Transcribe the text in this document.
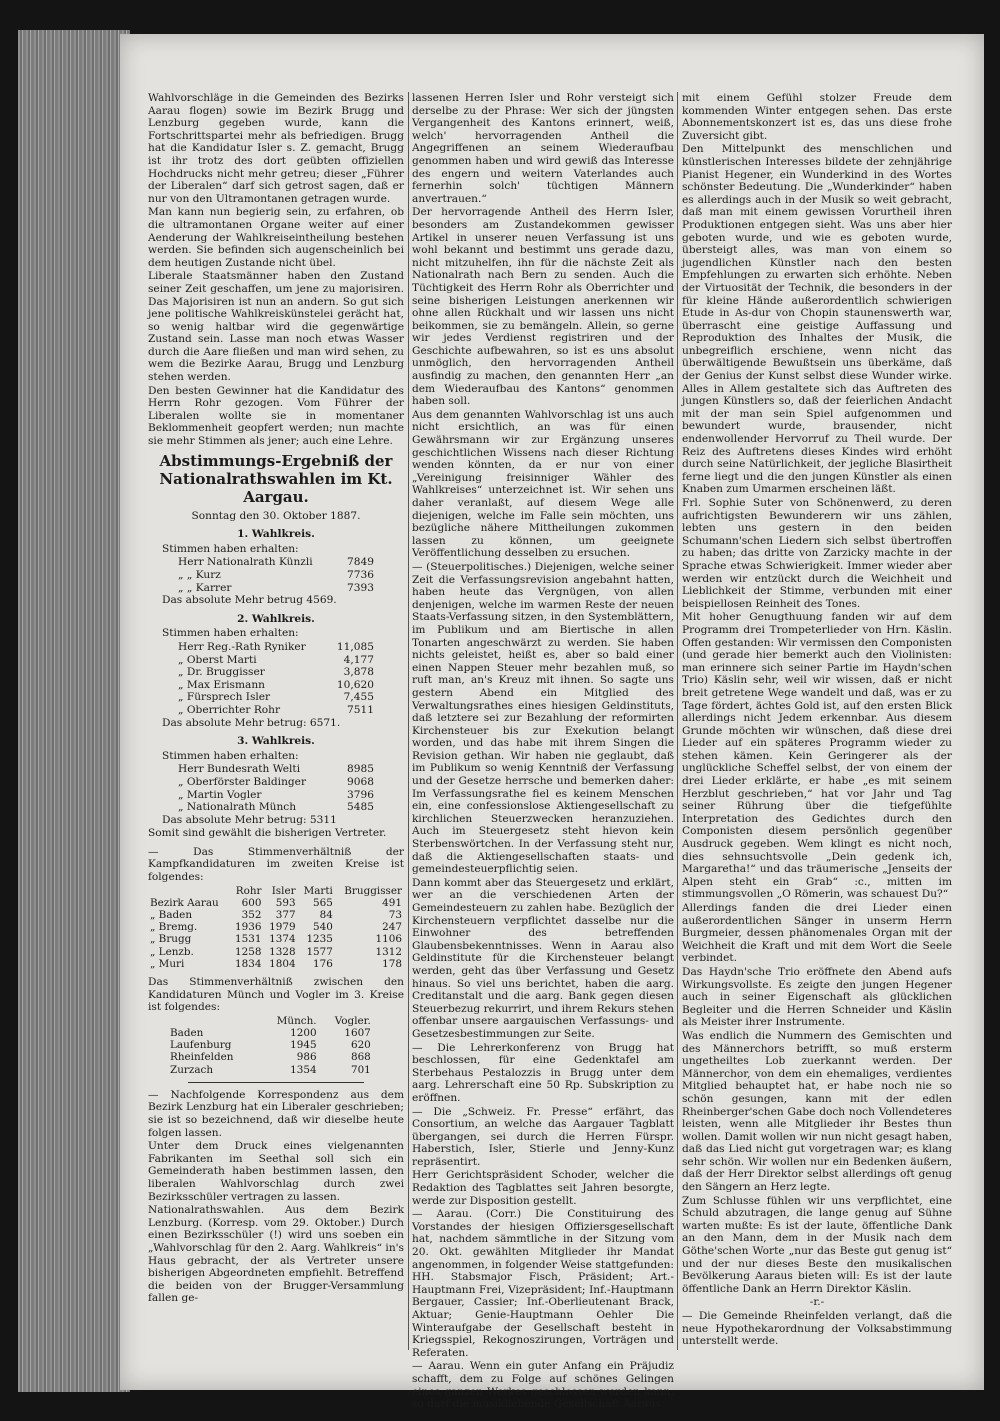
Wahlvorschläge in die Gemeinden des Bezirks Aarau flogen) sowie im Bezirk Brugg und Lenzburg gegeben wurde, kann die Fortschrittspartei mehr als befriedigen. Brugg hat die Kandidatur Isler s. Z. gemacht, Brugg ist ihr trotz des dort geübten offiziellen Hochdrucks nicht mehr getreu; dieser „Führer der Liberalen“ darf sich getrost sagen, daß er nur von den Ultramontanen getragen wurde.

Man kann nun begierig sein, zu erfahren, ob die ultramontanen Organe weiter auf einer Aenderung der Wahlkreiseintheilung bestehen werden. Sie befinden sich augenscheinlich bei dem heutigen Zustande nicht übel.

Liberale Staatsmänner haben den Zustand seiner Zeit geschaffen, um jene zu majorisiren. Das Majorisiren ist nun an andern. So gut sich jene politische Wahlkreiskünstelei gerächt hat, so wenig haltbar wird die gegenwärtige Zustand sein. Lasse man noch etwas Wasser durch die Aare fließen und man wird sehen, zu wem die Bezirke Aarau, Brugg und Lenzburg stehen werden.

Den besten Gewinner hat die Kandidatur des Herrn Rohr gezogen. Vom Führer der Liberalen wollte sie in momentaner Beklommenheit geopfert werden; nun machte sie mehr Stimmen als jener; auch eine Lehre.

Abstimmungs-Ergebniß der Nationalrathswahlen im Kt. Aargau.

Sonntag den 30. Oktober 1887.

1. Wahlkreis.

Stimmen haben erhalten:

Herr Nationalrath Künzli	7849
„ „ Kurz	7736
„ „ Karrer	7393

Das absolute Mehr betrug 4569.

2. Wahlkreis.

Stimmen haben erhalten:

Herr Reg.-Rath Ryniker	11,085
„ Oberst Marti	4,177
„ Dr. Bruggisser	3,878
„ Max Erismann	10,620
„ Fürsprech Isler	7,455
„ Oberrichter Rohr	7511

Das absolute Mehr betrug: 6571.

3. Wahlkreis.

Stimmen haben erhalten:

Herr Bundesrath Welti	8985
„ Oberförster Baldinger	9068
„ Martin Vogler	3796
„ Nationalrath Münch	5485

Das absolute Mehr betrug: 5311

Somit sind gewählt die bisherigen Vertreter.

— Das Stimmenverhältniß der Kampfkandidaturen im zweiten Kreise ist folgendes:

	Rohr	Isler	Marti	Bruggisser
Bezirk Aarau	600	593	565	491
„ Baden	352	377	84	73
„ Bremg.	1936	1979	540	247
„ Brugg	1531	1374	1235	1106
„ Lenzb.	1258	1328	1577	1312
„ Muri	1834	1804	176	178

Das Stimmenverhältniß zwischen den Kandidaturen Münch und Vogler im 3. Kreise ist folgendes:

	Münch.	Vogler.
Baden	1200	1607
Laufenburg	1945	620
Rheinfelden	986	868
Zurzach	1354	701

— Nachfolgende Korrespondenz aus dem Bezirk Lenzburg hat ein Liberaler geschrieben; sie ist so bezeichnend, daß wir dieselbe heute folgen lassen.

Unter dem Druck eines vielgenannten Fabrikanten im Seethal soll sich ein Gemeinderath haben bestimmen lassen, den liberalen Wahlvorschlag durch zwei Bezirksschüler vertragen zu lassen.

Nationalrathswahlen. Aus dem Bezirk Lenzburg. (Korresp. vom 29. Oktober.) Durch einen Bezirksschüler (!) wird uns soeben ein „Wahlvorschlag für den 2. Aarg. Wahlkreis“ in's Haus gebracht, der als Vertreter unsere bisherigen Abgeordneten empfiehlt. Betreffend die beiden von der Brugger-Versammlung fallen ge-

lassenen Herren Isler und Rohr versteigt sich derselbe zu der Phrase: Wer sich der jüngsten Vergangenheit des Kantons erinnert, weiß, welch' hervorragenden Antheil die Angegriffenen an seinem Wiederaufbau genommen haben und wird gewiß das Interesse des engern und weitern Vaterlandes auch fernerhin solch' tüchtigen Männern anvertrauen.“

Der hervorragende Antheil des Herrn Isler, besonders am Zustandekommen gewisser Artikel in unserer neuen Verfassung ist uns wohl bekannt und bestimmt uns gerade dazu, nicht mitzuhelfen, ihn für die nächste Zeit als Nationalrath nach Bern zu senden. Auch die Tüchtigkeit des Herrn Rohr als Oberrichter und seine bisherigen Leistungen anerkennen wir ohne allen Rückhalt und wir lassen uns nicht beikommen, sie zu bemängeln. Allein, so gerne wir jedes Verdienst registriren und der Geschichte aufbewahren, so ist es uns absolut unmöglich, den hervorragenden Antheil ausfindig zu machen, den genannten Herr „an dem Wiederaufbau des Kantons“ genommen haben soll.

Aus dem genannten Wahlvorschlag ist uns auch nicht ersichtlich, an was für einen Gewährsmann wir zur Ergänzung unseres geschichtlichen Wissens nach dieser Richtung wenden könnten, da er nur von einer „Vereinigung freisinniger Wähler des Wahlkreises“ unterzeichnet ist. Wir sehen uns daher veranlaßt, auf diesem Wege alle diejenigen, welche im Falle sein möchten, uns bezügliche nähere Mittheilungen zukommen lassen zu können, um geeignete Veröffentlichung desselben zu ersuchen.

— (Steuerpolitisches.) Diejenigen, welche seiner Zeit die Verfassungsrevision angebahnt hatten, haben heute das Vergnügen, von allen denjenigen, welche im warmen Reste der neuen Staats-Verfassung sitzen, in den Systemblättern, im Publikum und am Biertische in allen Tonarten angeschwärzt zu werden. Sie haben nichts geleistet, heißt es, aber so bald einer einen Nappen Steuer mehr bezahlen muß, so ruft man, an's Kreuz mit ihnen. So sagte uns gestern Abend ein Mitglied des Verwaltungsrathes eines hiesigen Geldinstituts, daß letztere sei zur Bezahlung der reformirten Kirchensteuer bis zur Exekution belangt worden, und das habe mit ihrem Singen die Revision gethan. Wir haben nie geglaubt, daß im Publikum so wenig Kenntniß der Verfassung und der Gesetze herrsche und bemerken daher: Im Verfassungsrathe fiel es keinem Menschen ein, eine confessionslose Aktiengesellschaft zu kirchlichen Steuerzwecken heranzuziehen. Auch im Steuergesetz steht hievon kein Sterbenswörtchen. In der Verfassung steht nur, daß die Aktiengesellschaften staats- und gemeindesteuerpflichtig seien.

Dann kommt aber das Steuergesetz und erklärt, wer an die verschiedenen Arten der Gemeindesteuern zu zahlen habe. Bezüglich der Kirchensteuern verpflichtet dasselbe nur die Einwohner des betreffenden Glaubensbekenntnisses. Wenn in Aarau also Geldinstitute für die Kirchensteuer belangt werden, geht das über Verfassung und Gesetz hinaus. So viel uns berichtet, haben die aarg. Creditanstalt und die aarg. Bank gegen diesen Steuerbezug rekurrirt, und ihrem Rekurs stehen offenbar unsere aargauischen Verfassungs- und Gesetzesbestimmungen zur Seite.

— Die Lehrerkonferenz von Brugg hat beschlossen, für eine Gedenktafel am Sterbehaus Pestalozzis in Brugg unter dem aarg. Lehrerschaft eine 50 Rp. Subskription zu eröffnen.

— Die „Schweiz. Fr. Presse“ erfährt, das Consortium, an welche das Aargauer Tagblatt übergangen, sei durch die Herren Fürspr. Haberstich, Isler, Stierle und Jenny-Kunz repräsentirt.

Herr Gerichtspräsident Schoder, welcher die Redaktion des Tagblattes seit Jahren besorgte, werde zur Disposition gestellt.

— Aarau. (Corr.) Die Constituirung des Vorstandes der hiesigen Offiziersgesellschaft hat, nachdem sämmtliche in der Sitzung vom 20. Okt. gewählten Mitglieder ihr Mandat angenommen, in folgender Weise stattgefunden: HH. Stabsmajor Fisch, Präsident; Art.-Hauptmann Frei, Vizepräsident; Inf.-Hauptmann Bergauer, Cassier; Inf.-Oberlieutenant Brack, Aktuar; Genie-Hauptmann Oehler Die Winteraufgabe der Gesellschaft besteht in Kriegsspiel, Rekognoszirungen, Vorträgen und Referaten.

— Aarau. Wenn ein guter Anfang ein Präjudiz schafft, dem zu Folge auf schönes Gelingen eines ganzen Werkes geschlossen werden kann, so darf die musikliebende Gesellschaft Aaraus

mit einem Gefühl stolzer Freude dem kommenden Winter entgegen sehen. Das erste Abonnementskonzert ist es, das uns diese frohe Zuversicht gibt.

Den Mittelpunkt des menschlichen und künstlerischen Interesses bildete der zehnjährige Pianist Hegener, ein Wunderkind in des Wortes schönster Bedeutung. Die „Wunderkinder“ haben es allerdings auch in der Musik so weit gebracht, daß man mit einem gewissen Vorurtheil ihren Produktionen entgegen sieht. Was uns aber hier geboten wurde, und wie es geboten wurde, übersteigt alles, was man von einem so jugendlichen Künstler nach den besten Empfehlungen zu erwarten sich erhöhte. Neben der Virtuosität der Technik, die besonders in der für kleine Hände außerordentlich schwierigen Etude in As-dur von Chopin staunenswerth war, überrascht eine geistige Auffassung und Reproduktion des Inhaltes der Musik, die unbegreiflich erschiene, wenn nicht das überwältigende Bewußtsein uns überkäme, daß der Genius der Kunst selbst diese Wunder wirke. Alles in Allem gestaltete sich das Auftreten des jungen Künstlers so, daß der feierlichen Andacht mit der man sein Spiel aufgenommen und bewundert wurde, brausender, nicht endenwollender Hervorruf zu Theil wurde. Der Reiz des Auftretens dieses Kindes wird erhöht durch seine Natürlichkeit, der jegliche Blasirtheit ferne liegt und die den jungen Künstler als einen Knaben zum Umarmen erscheinen läßt.

Frl. Sophie Suter von Schönenwerd, zu deren aufrichtigsten Bewunderern wir uns zählen, lebten uns gestern in den beiden Schumann'schen Liedern sich selbst übertroffen zu haben; das dritte von Zarzicky machte in der Sprache etwas Schwierigkeit. Immer wieder aber werden wir entzückt durch die Weichheit und Lieblichkeit der Stimme, verbunden mit einer beispiellosen Reinheit des Tones.

Mit hoher Genugthuung fanden wir auf dem Programm drei Trompeterlieder von Hrn. Käslin. Offen gestanden: Wir vermissen den Componisten (und gerade hier bemerkt auch den Violinisten: man erinnere sich seiner Partie im Haydn'schen Trio) Käslin sehr, weil wir wissen, daß er nicht breit getretene Wege wandelt und daß, was er zu Tage fördert, ächtes Gold ist, auf den ersten Blick allerdings nicht Jedem erkennbar. Aus diesem Grunde möchten wir wünschen, daß diese drei Lieder auf ein späteres Programm wieder zu stehen kämen. Kein Geringerer als der unglückliche Scheffel selbst, der von einem der drei Lieder erklärte, er habe „es mit seinem Herzblut geschrieben,“ hat vor Jahr und Tag seiner Rührung über die tiefgefühlte Interpretation des Gedichtes durch den Componisten diesem persönlich gegenüber Ausdruck gegeben. Wem klingt es nicht noch, dies sehnsuchtsvolle „Dein gedenk ich, Margaretha!“ und das träumerische „Jenseits der Alpen steht ein Grab“ :c., mitten im stimmungsvollen „O Römerin, was schauest Du?“

Allerdings fanden die drei Lieder einen außerordentlichen Sänger in unserm Herrn Burgmeier, dessen phänomenales Organ mit der Weichheit die Kraft und mit dem Wort die Seele verbindet.

Das Haydn'sche Trio eröffnete den Abend aufs Wirkungsvollste. Es zeigte den jungen Hegener auch in seiner Eigenschaft als glücklichen Begleiter und die Herren Schneider und Käslin als Meister ihrer Instrumente.

Was endlich die Nummern des Gemischten und des Männerchors betrifft, so muß ersterm ungetheiltes Lob zuerkannt werden. Der Männerchor, von dem ein ehemaliges, verdientes Mitglied behauptet hat, er habe noch nie so schön gesungen, kann mit der edlen Rheinberger'schen Gabe doch noch Vollendeteres leisten, wenn alle Mitglieder ihr Bestes thun wollen. Damit wollen wir nun nicht gesagt haben, daß das Lied nicht gut vorgetragen war; es klang sehr schön. Wir wollen nur ein Bedenken äußern, daß der Herr Direktor selbst allerdings oft genug den Sängern an Herz legte.

Zum Schlusse fühlen wir uns verpflichtet, eine Schuld abzutragen, die lange genug auf Sühne warten mußte: Es ist der laute, öffentliche Dank an den Mann, dem in der Musik nach dem Göthe'schen Worte „nur das Beste gut genug ist“ und der nur dieses Beste den musikalischen Bevölkerung Aaraus bieten will: Es ist der laute öffentliche Dank an Herrn Direktor Käslin.

-r.-

— Die Gemeinde Rheinfelden verlangt, daß die neue Hypothekarordnung der Volksabstimmung unterstellt werde.
